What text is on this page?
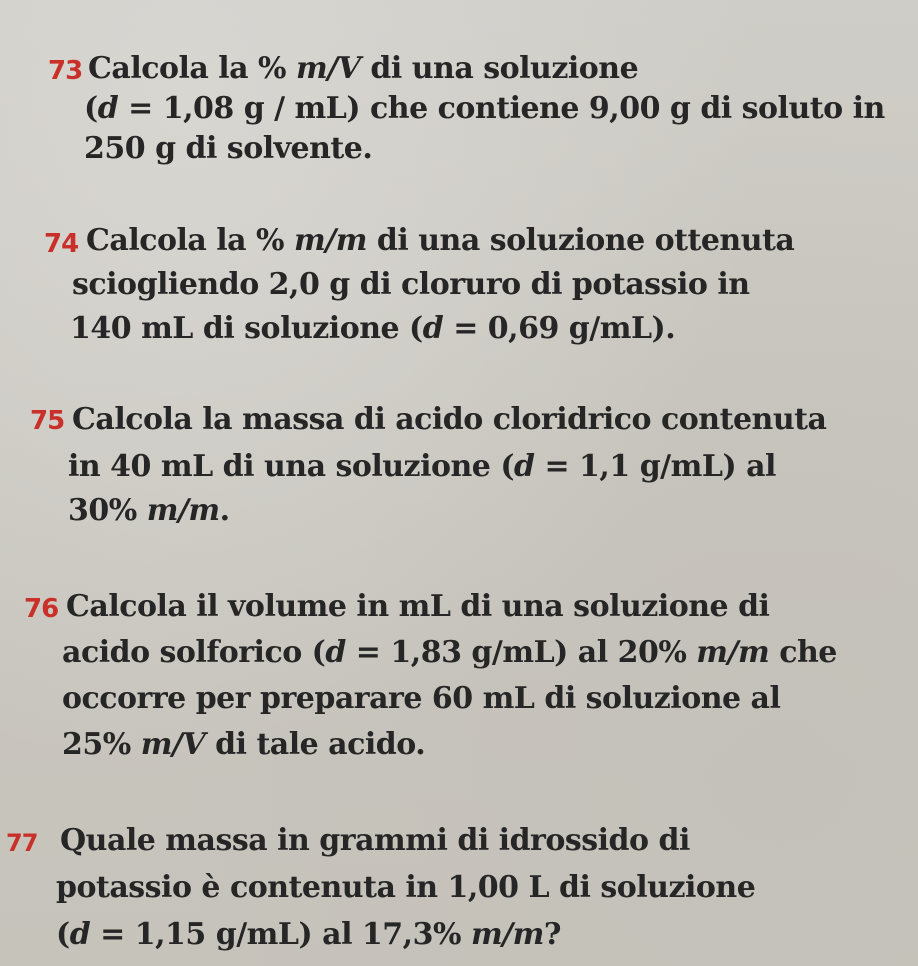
73 Calcola la % m/V di una soluzione
(d = 1,08 g / mL) che contiene 9,00 g di soluto in
250 g di solvente.
74 Calcola la % m/m di una soluzione ottenuta
sciogliendo 2,0 g di cloruro di potassio in
140 mL di soluzione (d = 0,69 g/mL).
75 Calcola la massa di acido cloridrico contenuta
in 40 mL di una soluzione (d = 1,1 g/mL) al
30% m/m.
76 Calcola il volume in mL di una soluzione di
acido solforico (d = 1,83 g/mL) al 20% m/m che
occorre per preparare 60 mL di soluzione al
25% m/V di tale acido.
77 Quale massa in grammi di idrossido di
potassio è contenuta in 1,00 L di soluzione
(d = 1,15 g/mL) al 17,3% m/m?
